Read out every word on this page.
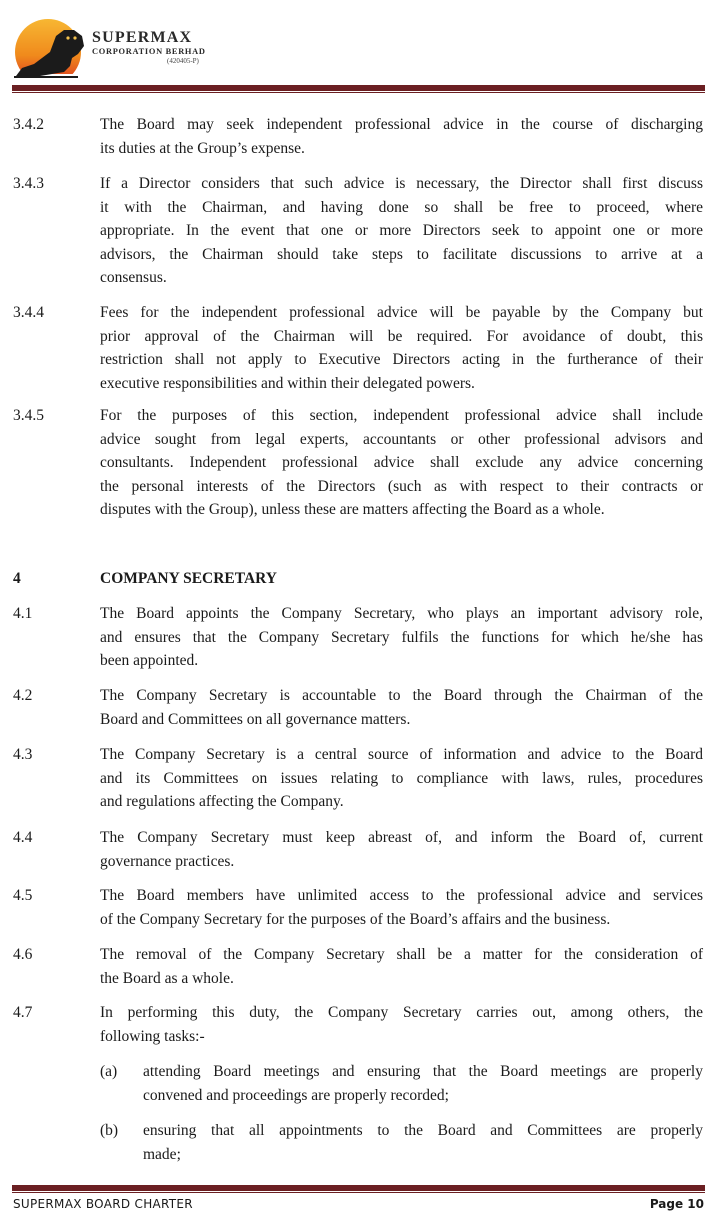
SUPERMAX
CORPORATION BERHAD
(420405-P)
3.4.2	The Board may seek independent professional advice in the course of discharging
its duties at the Group’s expense.
3.4.3	If a Director considers that such advice is necessary, the Director shall first discuss
it with the Chairman, and having done so shall be free to proceed, where
appropriate. In the event that one or more Directors seek to appoint one or more
advisors, the Chairman should take steps to facilitate discussions to arrive at a
consensus.
3.4.4	Fees for the independent professional advice will be payable by the Company but
prior approval of the Chairman will be required. For avoidance of doubt, this
restriction shall not apply to Executive Directors acting in the furtherance of their
executive responsibilities and within their delegated powers.
3.4.5	For the purposes of this section, independent professional advice shall include
advice sought from legal experts, accountants or other professional advisors and
consultants. Independent professional advice shall exclude any advice concerning
the personal interests of the Directors (such as with respect to their contracts or
disputes with the Group), unless these are matters affecting the Board as a whole.
4	COMPANY SECRETARY
4.1	The Board appoints the Company Secretary, who plays an important advisory role,
and ensures that the Company Secretary fulfils the functions for which he/she has
been appointed.
4.2	The Company Secretary is accountable to the Board through the Chairman of the
Board and Committees on all governance matters.
4.3	The Company Secretary is a central source of information and advice to the Board
and its Committees on issues relating to compliance with laws, rules, procedures
and regulations affecting the Company.
4.4	The Company Secretary must keep abreast of, and inform the Board of, current
governance practices.
4.5	The Board members have unlimited access to the professional advice and services
of the Company Secretary for the purposes of the Board’s affairs and the business.
4.6	The removal of the Company Secretary shall be a matter for the consideration of
the Board as a whole.
4.7	In performing this duty, the Company Secretary carries out, among others, the
following tasks:-
(a) attending Board meetings and ensuring that the Board meetings are properly
convened and proceedings are properly recorded;
(b) ensuring that all appointments to the Board and Committees are properly
made;
SUPERMAX BOARD CHARTER	Page 10
